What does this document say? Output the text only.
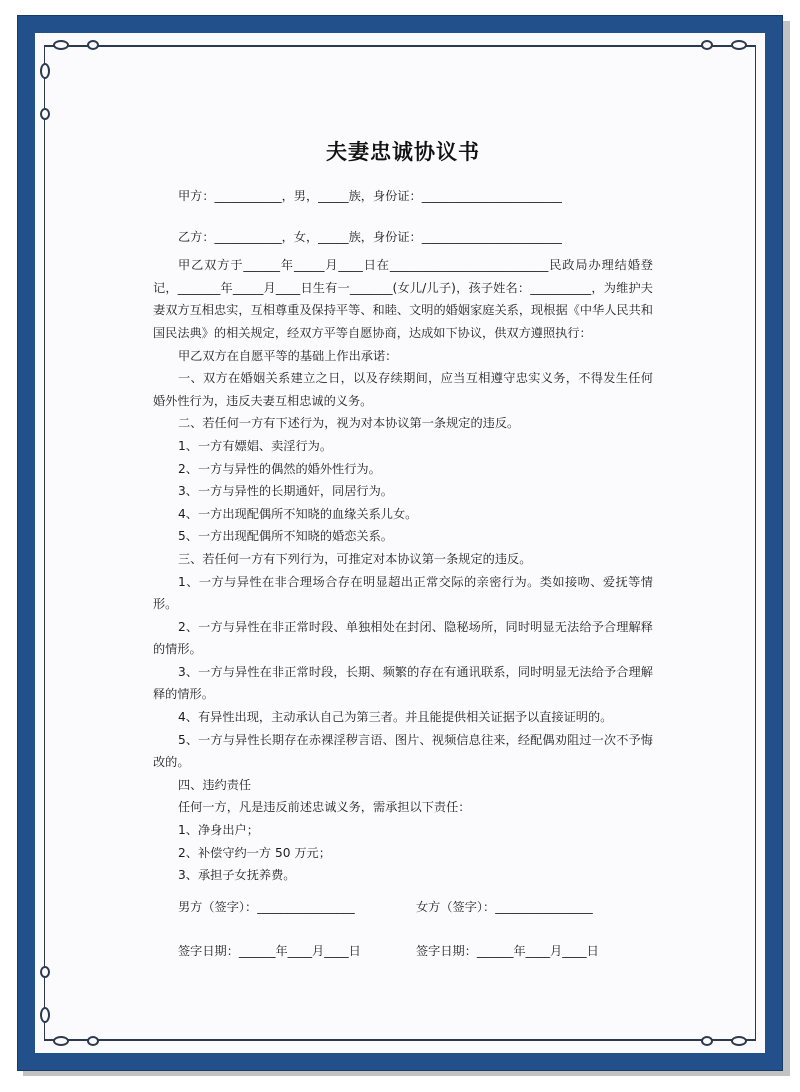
夫妻忠诚协议书

甲方：___________，男，_____族，身份证：_______________________

乙方：___________，女，_____族，身份证：_______________________

甲乙双方于______年_____月____日在__________________________民政局办理结婚登记，_______年_____月____日生有一_______(女儿/儿子)，孩子姓名：__________，为维护夫妻双方互相忠实，互相尊重及保持平等、和睦、文明的婚姻家庭关系，现根据《中华人民共和国民法典》的相关规定，经双方平等自愿协商，达成如下协议，供双方遵照执行：

甲乙双方在自愿平等的基础上作出承诺：

一、双方在婚姻关系建立之日，以及存续期间，应当互相遵守忠实义务，不得发生任何婚外性行为，违反夫妻互相忠诚的义务。

二、若任何一方有下述行为，视为对本协议第一条规定的违反。

1、一方有嫖娼、卖淫行为。

2、一方与异性的偶然的婚外性行为。

3、一方与异性的长期通奸，同居行为。

4、一方出现配偶所不知晓的血缘关系儿女。

5、一方出现配偶所不知晓的婚恋关系。

三、若任何一方有下列行为，可推定对本协议第一条规定的违反。

1、一方与异性在非合理场合存在明显超出正常交际的亲密行为。类如接吻、爱抚等情形。

2、一方与异性在非正常时段、单独相处在封闭、隐秘场所，同时明显无法给予合理解释的情形。

3、一方与异性在非正常时段，长期、频繁的存在有通讯联系，同时明显无法给予合理解释的情形。

4、有异性出现，主动承认自己为第三者。并且能提供相关证据予以直接证明的。

5、一方与异性长期存在赤裸淫秽言语、图片、视频信息往来，经配偶劝阻过一次不予悔改的。

四、违约责任

任何一方，凡是违反前述忠诚义务，需承担以下责任：

1、净身出户；

2、补偿守约一方 50 万元；

3、承担子女抚养费。

男方（签字）：________________	女方（签字）：________________
签字日期：______年____月____日	签字日期：______年____月____日
